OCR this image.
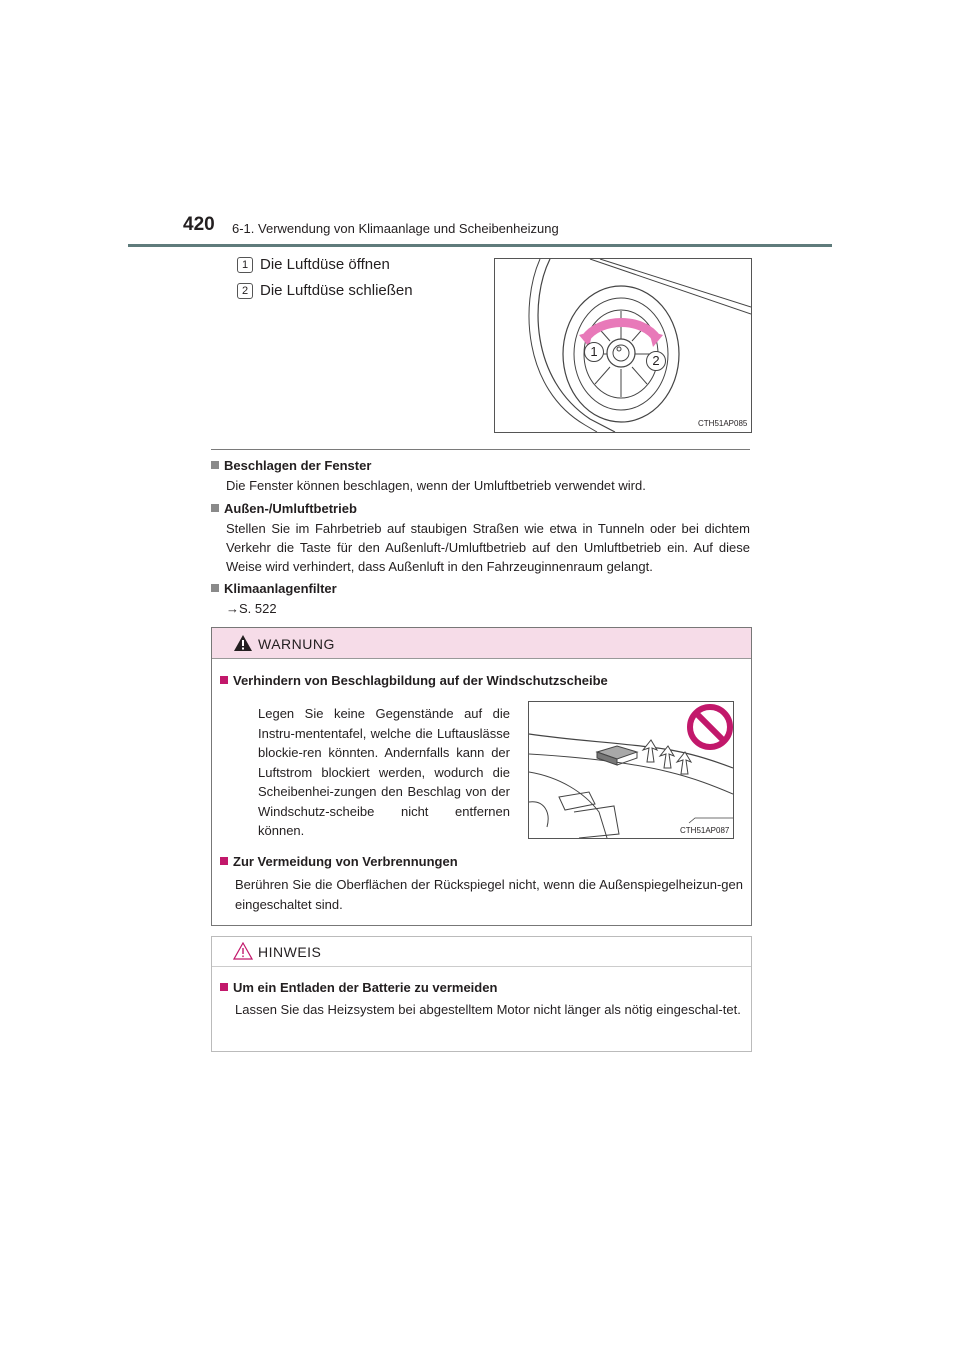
420 6-1. Verwendung von Klimaanlage und Scheibenheizung
1 Die Luftdüse öffnen
2 Die Luftdüse schließen
1
2
CTH51AP085
Beschlagen der Fenster
Die Fenster können beschlagen, wenn der Umluftbetrieb verwendet wird.
Außen-/Umluftbetrieb
Stellen Sie im Fahrbetrieb auf staubigen Straßen wie etwa in Tunneln oder bei dichtem Verkehr die Taste für den Außenluft-/Umluftbetrieb auf den Umluftbetrieb ein. Auf diese Weise wird verhindert, dass Außenluft in den Fahrzeuginnenraum gelangt.
Klimaanlagenfilter
→S. 522
WARNUNG
Verhindern von Beschlagbildung auf der Windschutzscheibe
Legen Sie keine Gegenstände auf die Instru-mententafel, welche die Luftauslässe blockie-ren könnten. Andernfalls kann der Luftstrom blockiert werden, wodurch die Scheibenhei-zungen den Beschlag von der Windschutz-scheibe nicht entfernen können.	CTH51AP087
Zur Vermeidung von Verbrennungen
Berühren Sie die Oberflächen der Rückspiegel nicht, wenn die Außenspiegelheizun-gen eingeschaltet sind.
HINWEIS
Um ein Entladen der Batterie zu vermeiden
Lassen Sie das Heizsystem bei abgestelltem Motor nicht länger als nötig eingeschal-tet.
